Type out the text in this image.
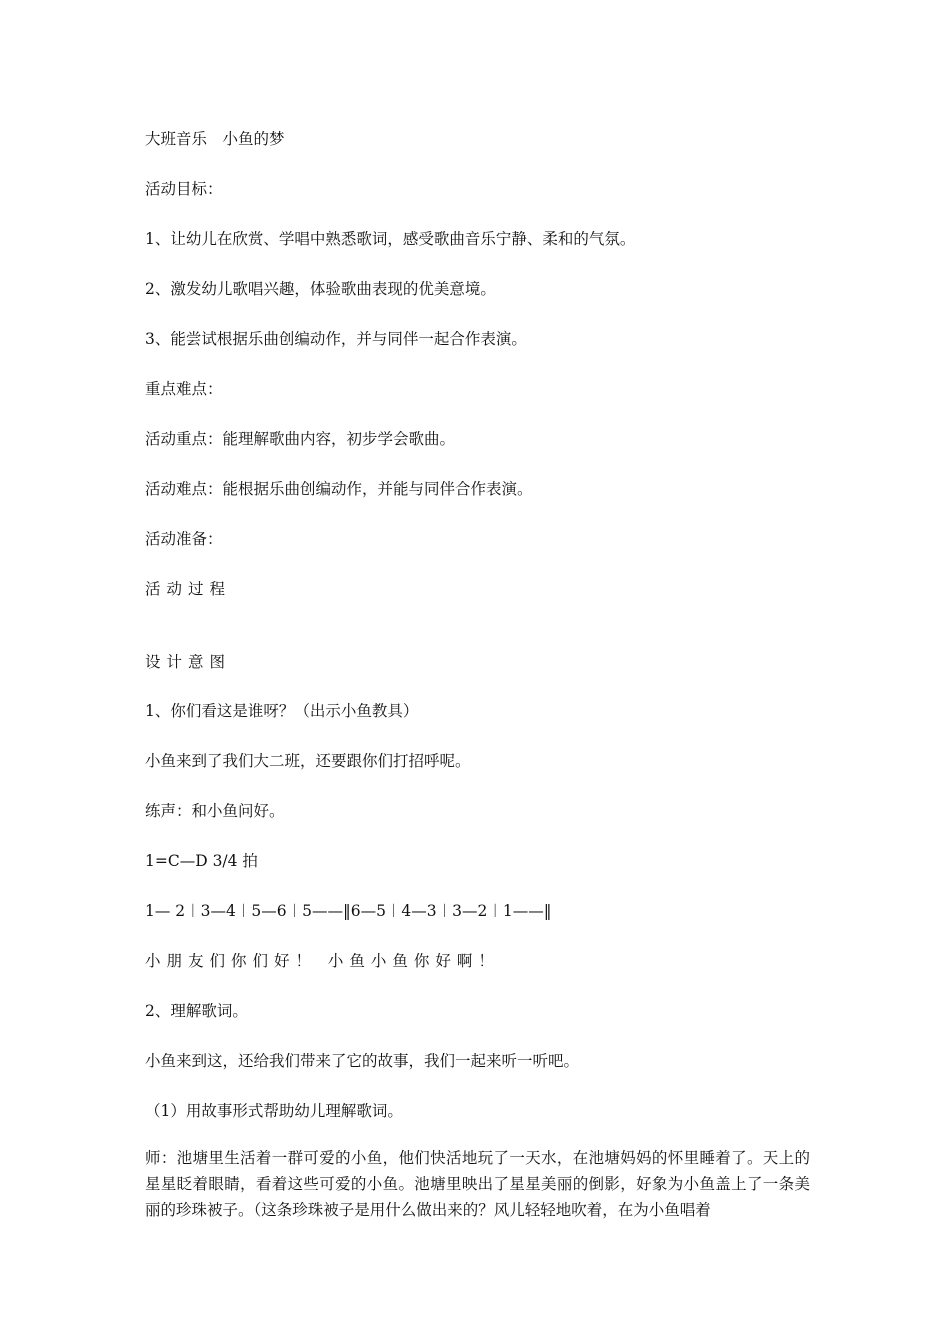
大班音乐　小鱼的梦
活动目标：
1、让幼儿在欣赏、学唱中熟悉歌词，感受歌曲音乐宁静、柔和的气氛。
2、激发幼儿歌唱兴趣，体验歌曲表现的优美意境。
3、能尝试根据乐曲创编动作，并与同伴一起合作表演。
重点难点：
活动重点：能理解歌曲内容，初步学会歌曲。
活动难点：能根据乐曲创编动作，并能与同伴合作表演。
活动准备：
活动过程
设计意图
1、你们看这是谁呀？（出示小鱼教具）
小鱼来到了我们大二班，还要跟你们打招呼呢。
练声：和小鱼问好。
1=C—D 3/4 拍
1— 2︱3—4︱5—6︱5——‖6—5︱4—3︱3—2︱1——‖
小朋友们你们好！ 小鱼小鱼你好啊！
2、理解歌词。
小鱼来到这，还给我们带来了它的故事，我们一起来听一听吧。
（1）用故事形式帮助幼儿理解歌词。
师：池塘里生活着一群可爱的小鱼，他们快活地玩了一天水，在池塘妈妈的怀里睡着了。天上的星星眨着眼睛，看着这些可爱的小鱼。池塘里映出了星星美丽的倒影，好象为小鱼盖上了一条美丽的珍珠被子。（这条珍珠被子是用什么做出来的？风儿轻轻地吹着，在为小鱼唱着
